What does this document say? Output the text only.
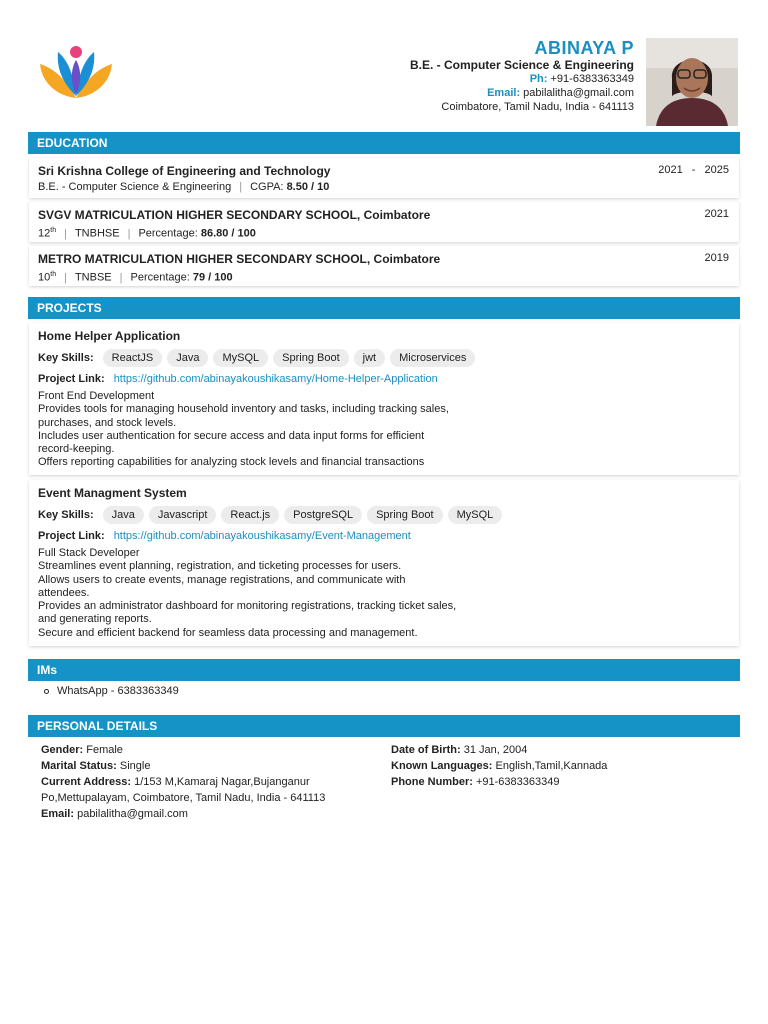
ABINAYA P
B.E. - Computer Science & Engineering
Ph: +91-6383363349
Email: pabilalitha@gmail.com
Coimbatore, Tamil Nadu, India - 641113
EDUCATION
Sri Krishna College of Engineering and Technology
B.E. - Computer Science & Engineering | CGPA: 8.50 / 10
2021 - 2025
SVGV MATRICULATION HIGHER SECONDARY SCHOOL, Coimbatore
12th | TNBHSE | Percentage: 86.80 / 100
2021
METRO MATRICULATION HIGHER SECONDARY SCHOOL, Coimbatore
10th | TNBSE | Percentage: 79 / 100
2019
PROJECTS
Home Helper Application
Key Skills:	ReactJS	Java	MySQL	Spring Boot	jwt	Microservices
Project Link: https://github.com/abinayakoushikasamy/Home-Helper-Application
Front End Development
Provides tools for managing household inventory and tasks, including tracking sales, purchases, and stock levels.
Includes user authentication for secure access and data input forms for efficient record-keeping.
Offers reporting capabilities for analyzing stock levels and financial transactions
Event Managment System
Key Skills:	Java	Javascript	React.js	PostgreSQL	Spring Boot	MySQL
Project Link: https://github.com/abinayakoushikasamy/Event-Management
Full Stack Developer
Streamlines event planning, registration, and ticketing processes for users.
Allows users to create events, manage registrations, and communicate with attendees.
Provides an administrator dashboard for monitoring registrations, tracking ticket sales, and generating reports.
Secure and efficient backend for seamless data processing and management.
IMs
WhatsApp - 6383363349
PERSONAL DETAILS
Gender: Female
Marital Status: Single
Current Address: 1/153 M,Kamaraj Nagar,Bujanganur Po,Mettupalayam, Coimbatore, Tamil Nadu, India - 641113
Email: pabilalitha@gmail.com
Date of Birth: 31 Jan, 2004
Known Languages: English,Tamil,Kannada
Phone Number: +91-6383363349
